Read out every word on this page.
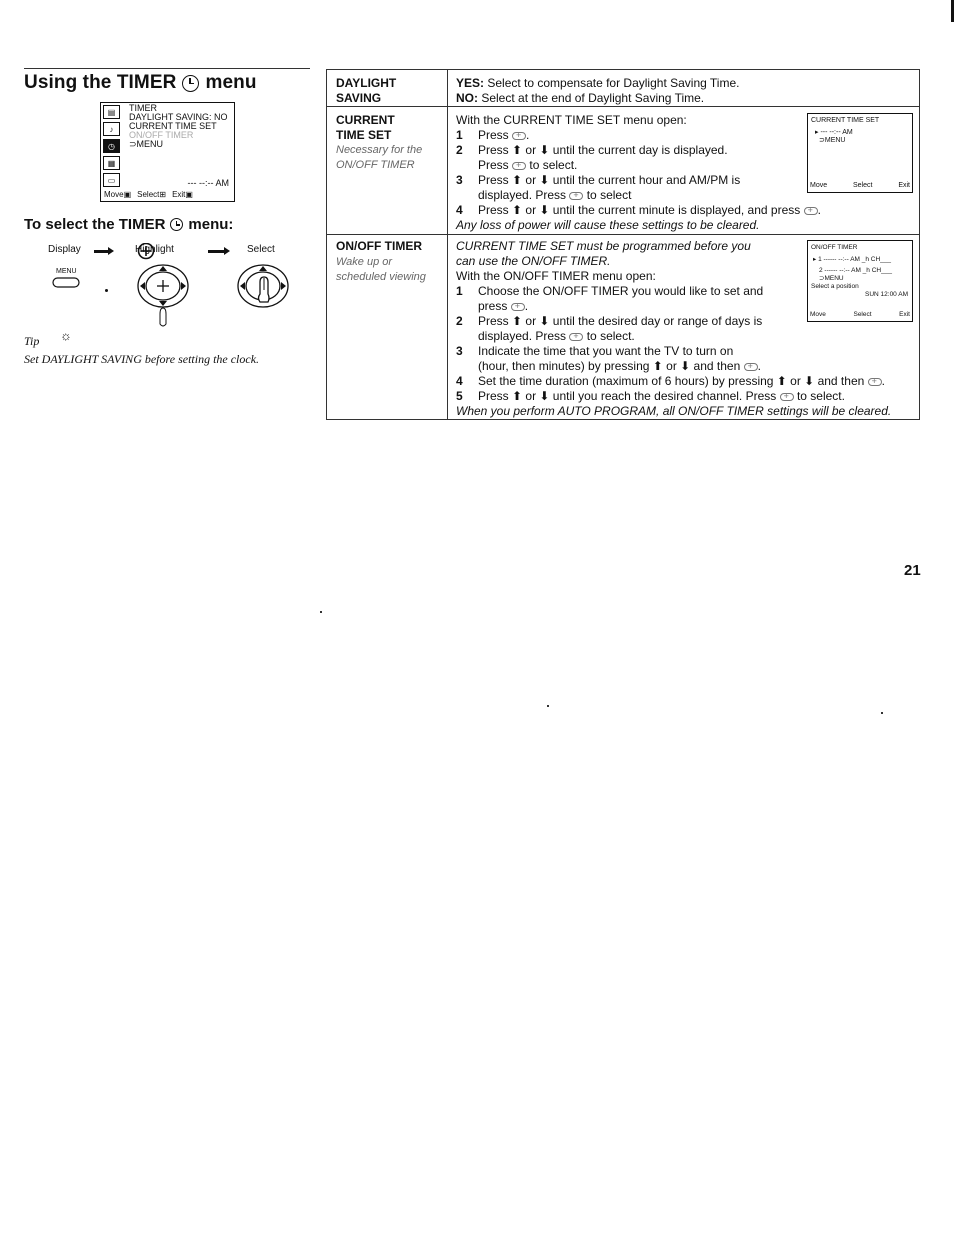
Using the TIMER menu
▤
♪
◷
▦
▭
TIMER
DAYLIGHT SAVING: NO
CURRENT TIME SET
ON/OFF TIMER
⊃MENU
--- --:-- AM
Move▣ Select⊞ Exit▣
To select the TIMER menu:
Display	Highlight	Select
MENU
Tip ☼
Set DAYLIGHT SAVING before setting the clock.
DAYLIGHT SAVING
YES: Select to compensate for Daylight Saving Time.
NO: Select at the end of Daylight Saving Time.
CURRENT TIME SET
Necessary for the ON/OFF TIMER
With the CURRENT TIME SET menu open:
1 Press + .
2 Press ⬆ or ⬇ until the current day is displayed.
Press + to select.
3 Press ⬆ or ⬇ until the current hour and AM/PM is
displayed. Press + to select
4 Press ⬆ or ⬇ until the current minute is displayed, and press + .
Any loss of power will cause these settings to be cleared.
CURRENT TIME SET
▸ --- --:-- AM
⊃MENU
Move	Select	Exit
ON/OFF TIMER
Wake up or scheduled viewing
CURRENT TIME SET must be programmed before you
can use the ON/OFF TIMER.
With the ON/OFF TIMER menu open:
1 Choose the ON/OFF TIMER you would like to set and
press + .
2 Press ⬆ or ⬇ until the desired day or range of days is
displayed. Press + to select.
3 Indicate the time that you want the TV to turn on
(hour, then minutes) by pressing ⬆ or ⬇ and then + .
4 Set the time duration (maximum of 6 hours) by pressing ⬆ or ⬇ and then + .
5 Press ⬆ or ⬇ until you reach the desired channel. Press + to select.
When you perform AUTO PROGRAM, all ON/OFF TIMER settings will be cleared.
ON/OFF TIMER
▸ 1 ------ --:-- AM _h CH___
2 ------ --:-- AM _h CH___
⊃MENU
Select a position
SUN 12:00 AM
Move	Select	Exit
21
